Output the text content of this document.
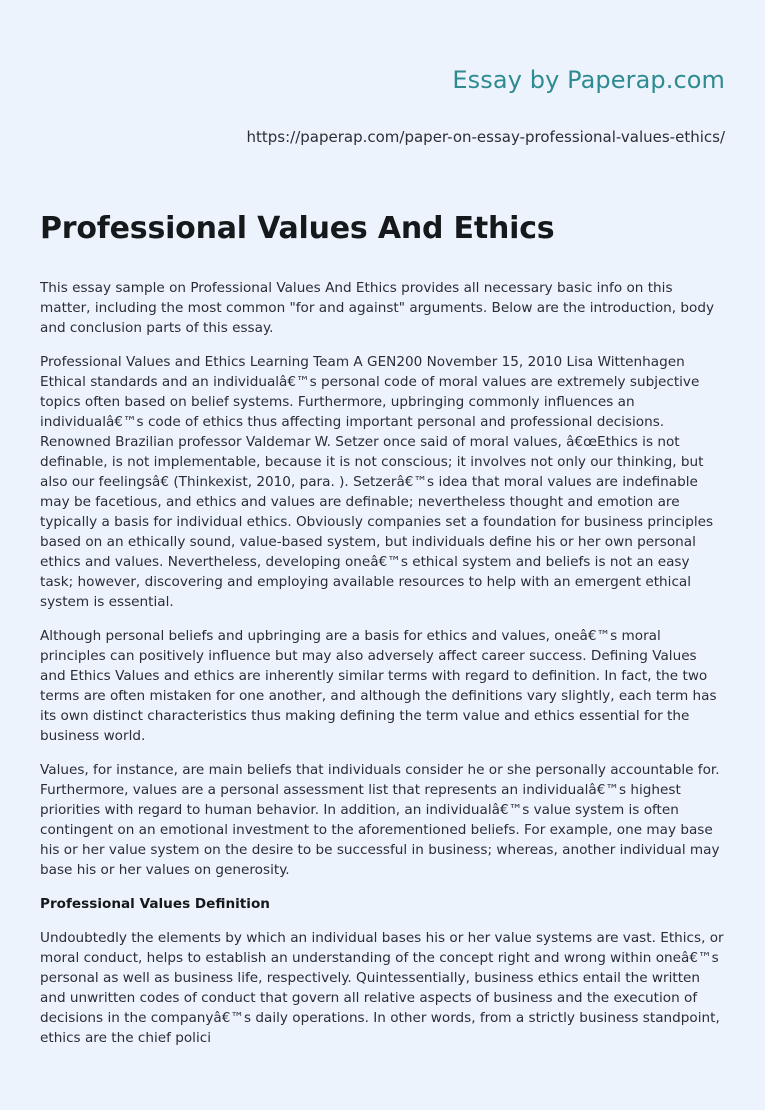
Essay by Paperap.com
https://paperap.com/paper-on-essay-professional-values-ethics/
Professional Values And Ethics

This essay sample on Professional Values And Ethics provides all necessary basic info on this matter, including the most common "for and against" arguments. Below are the introduction, body and conclusion parts of this essay.

Professional Values and Ethics Learning Team A GEN200 November 15, 2010 Lisa Wittenhagen Ethical standards and an individualâ€™s personal code of moral values are extremely subjective topics often based on belief systems. Furthermore, upbringing commonly influences an individualâ€™s code of ethics thus affecting important personal and professional decisions. Renowned Brazilian professor Valdemar W. Setzer once said of moral values, â€œEthics is not definable, is not implementable, because it is not conscious; it involves not only our thinking, but also our feelingsâ€ (Thinkexist, 2010, para. ). Setzerâ€™s idea that moral values are indefinable may be facetious, and ethics and values are definable; nevertheless thought and emotion are typically a basis for individual ethics. Obviously companies set a foundation for business principles based on an ethically sound, value-based system, but individuals define his or her own personal ethics and values. Nevertheless, developing oneâ€™s ethical system and beliefs is not an easy task; however, discovering and employing available resources to help with an emergent ethical system is essential.

Although personal beliefs and upbringing are a basis for ethics and values, oneâ€™s moral principles can positively influence but may also adversely affect career success. Defining Values and Ethics Values and ethics are inherently similar terms with regard to definition. In fact, the two terms are often mistaken for one another, and although the definitions vary slightly, each term has its own distinct characteristics thus making defining the term value and ethics essential for the business world.

Values, for instance, are main beliefs that individuals consider he or she personally accountable for. Furthermore, values are a personal assessment list that represents an individualâ€™s highest priorities with regard to human behavior. In addition, an individualâ€™s value system is often contingent on an emotional investment to the aforementioned beliefs. For example, one may base his or her value system on the desire to be successful in business; whereas, another individual may base his or her values on generosity.

Professional Values Definition

Undoubtedly the elements by which an individual bases his or her value systems are vast. Ethics, or moral conduct, helps to establish an understanding of the concept right and wrong within oneâ€™s personal as well as business life, respectively. Quintessentially, business ethics entail the written and unwritten codes of conduct that govern all relative aspects of business and the execution of decisions in the companyâ€™s daily operations. In other words, from a strictly business standpoint, ethics are the chief polici
